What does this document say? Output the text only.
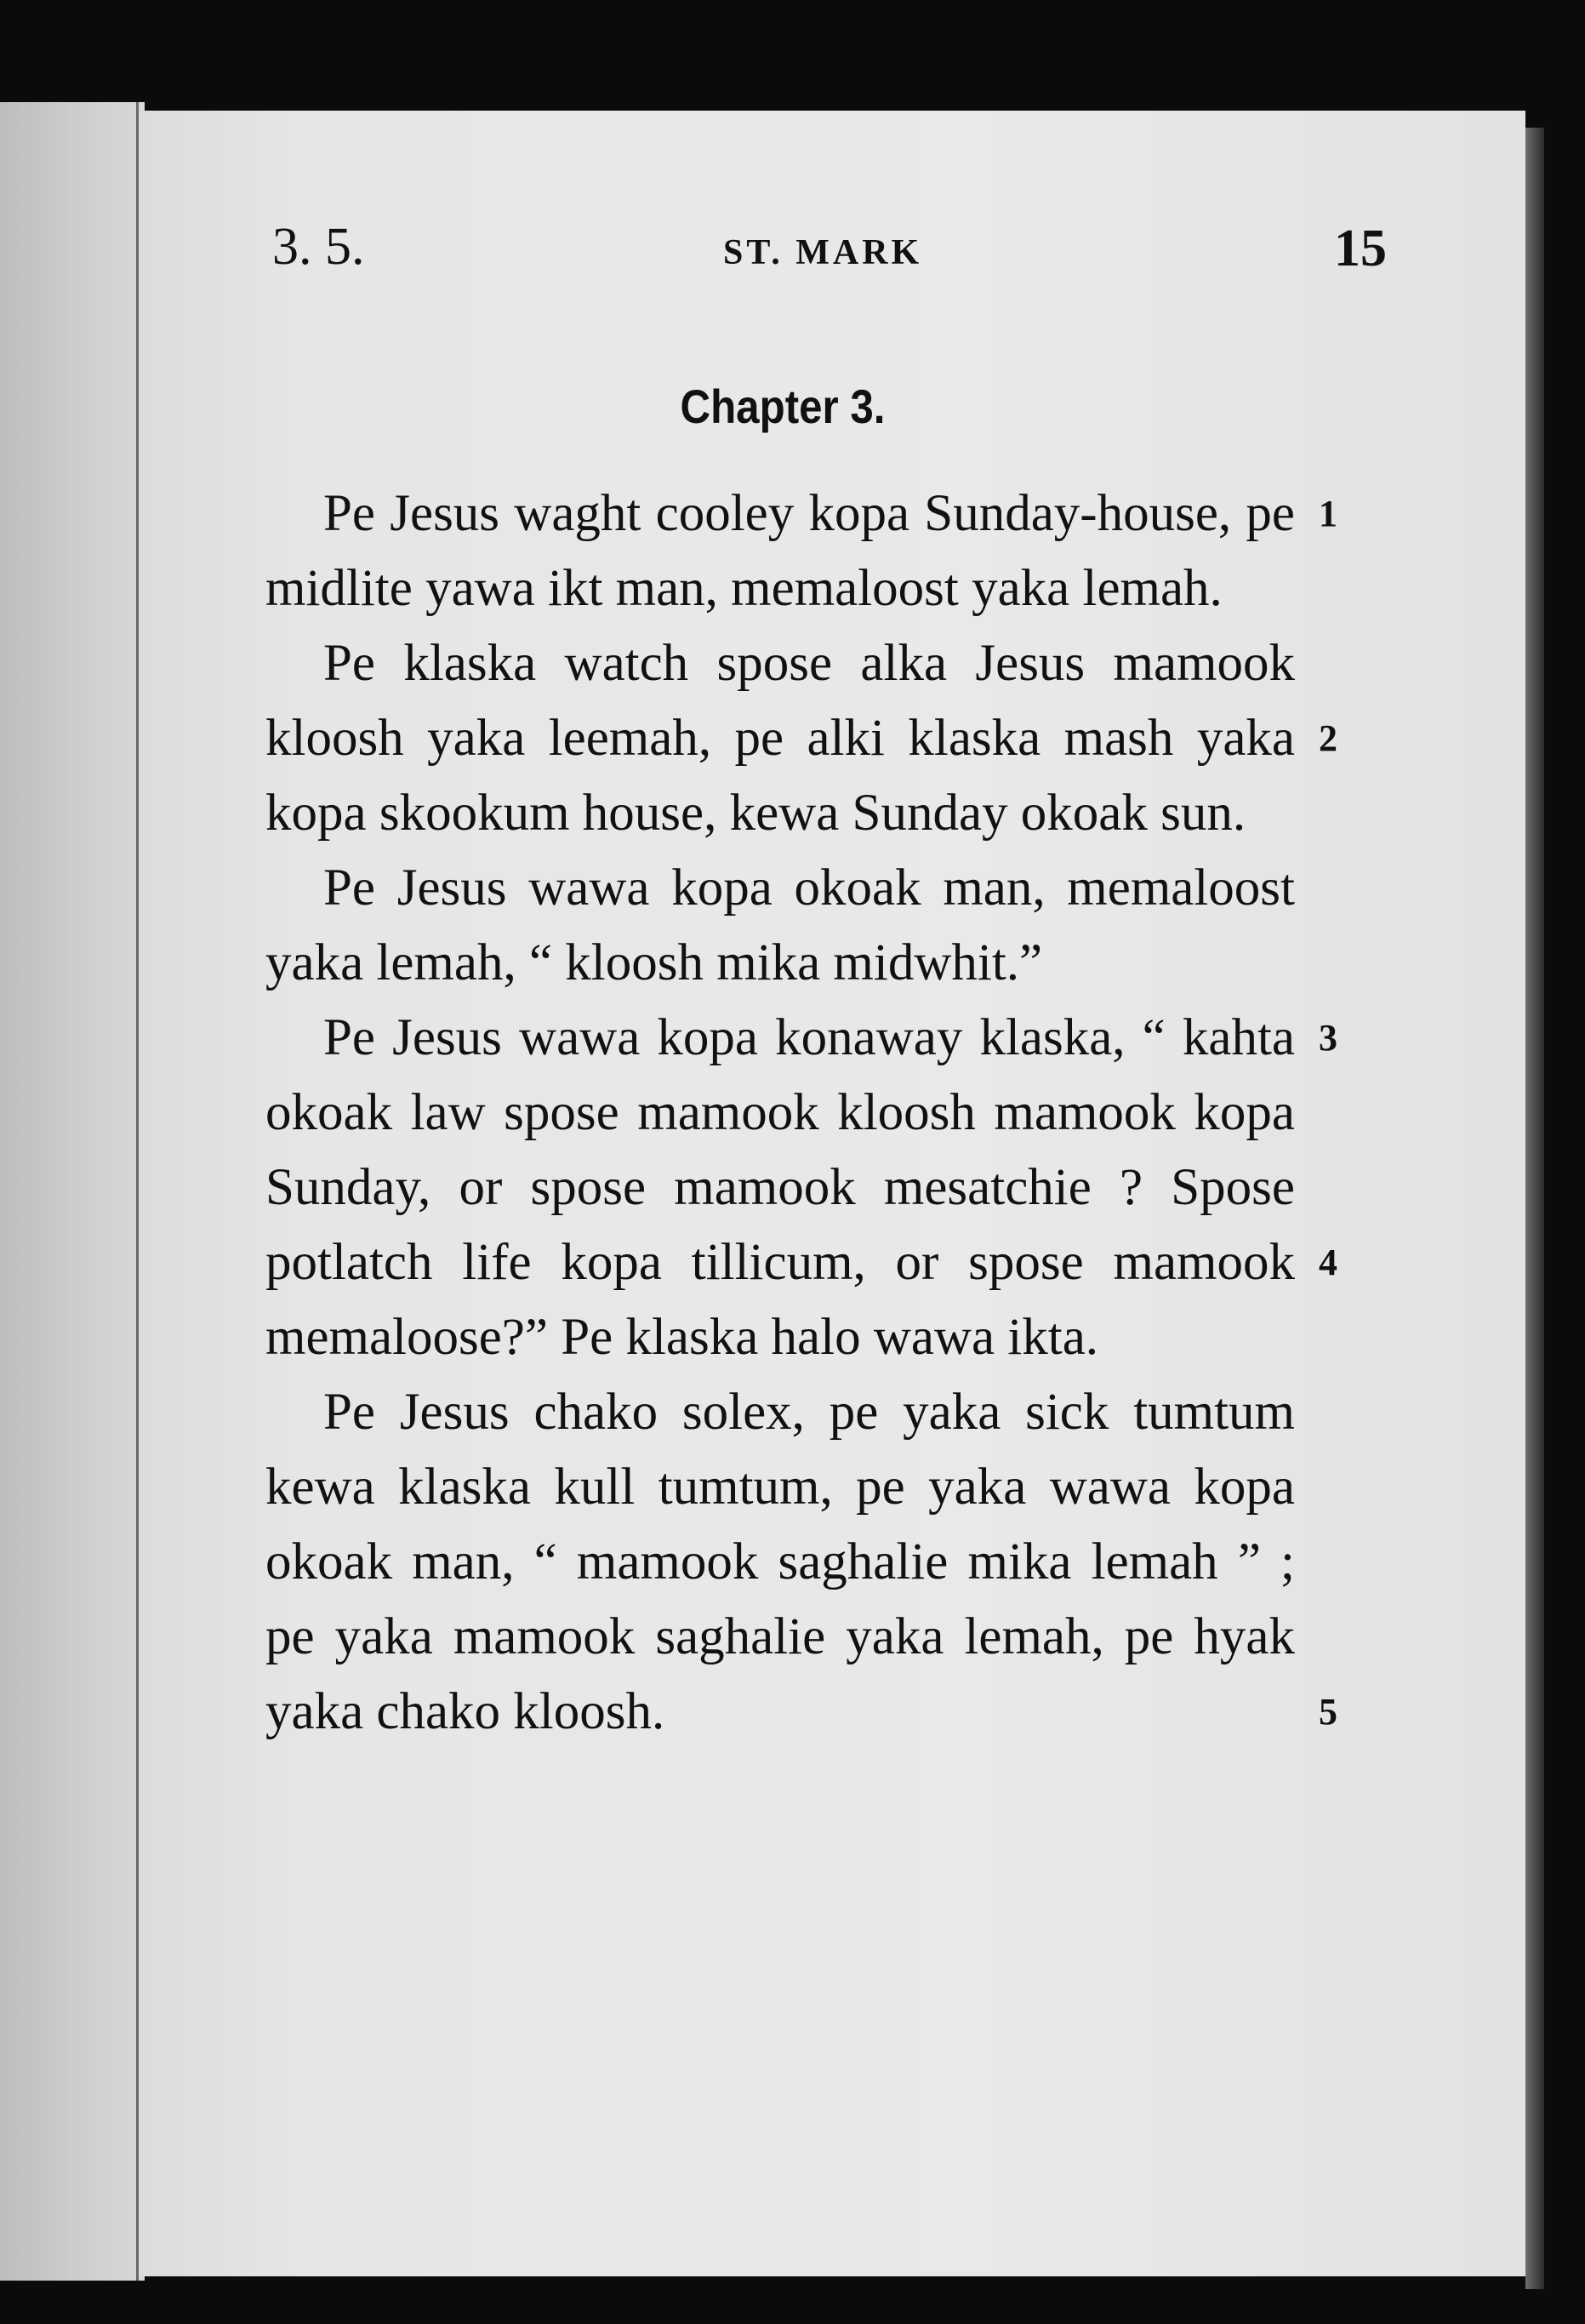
3. 5.	ST. MARK	15
Chapter 3.

Pe Jesus waght cooley kopa Sunday-house, pe midlite yawa ikt man, memaloost yaka lemah.

Pe klaska watch spose alka Jesus mamook kloosh yaka leemah, pe alki klaska mash yaka kopa skookum house, kewa Sunday okoak sun.

Pe Jesus wawa kopa okoak man, memaloost yaka lemah, “ kloosh mika midwhit.”

Pe Jesus wawa kopa konaway klaska, “ kahta okoak law spose mamook kloosh mamook kopa Sunday, or spose mamook mesatchie ? Spose potlatch life kopa tillicum, or spose mamook memaloose?” Pe klaska halo wawa ikta.

Pe Jesus chako solex, pe yaka sick tumtum kewa klaska kull tumtum, pe yaka wawa kopa okoak man, “ mamook saghalie mika lemah ” ; pe yaka mamook saghalie yaka lemah, pe hyak yaka chako kloosh.

1
2
3
4
5
